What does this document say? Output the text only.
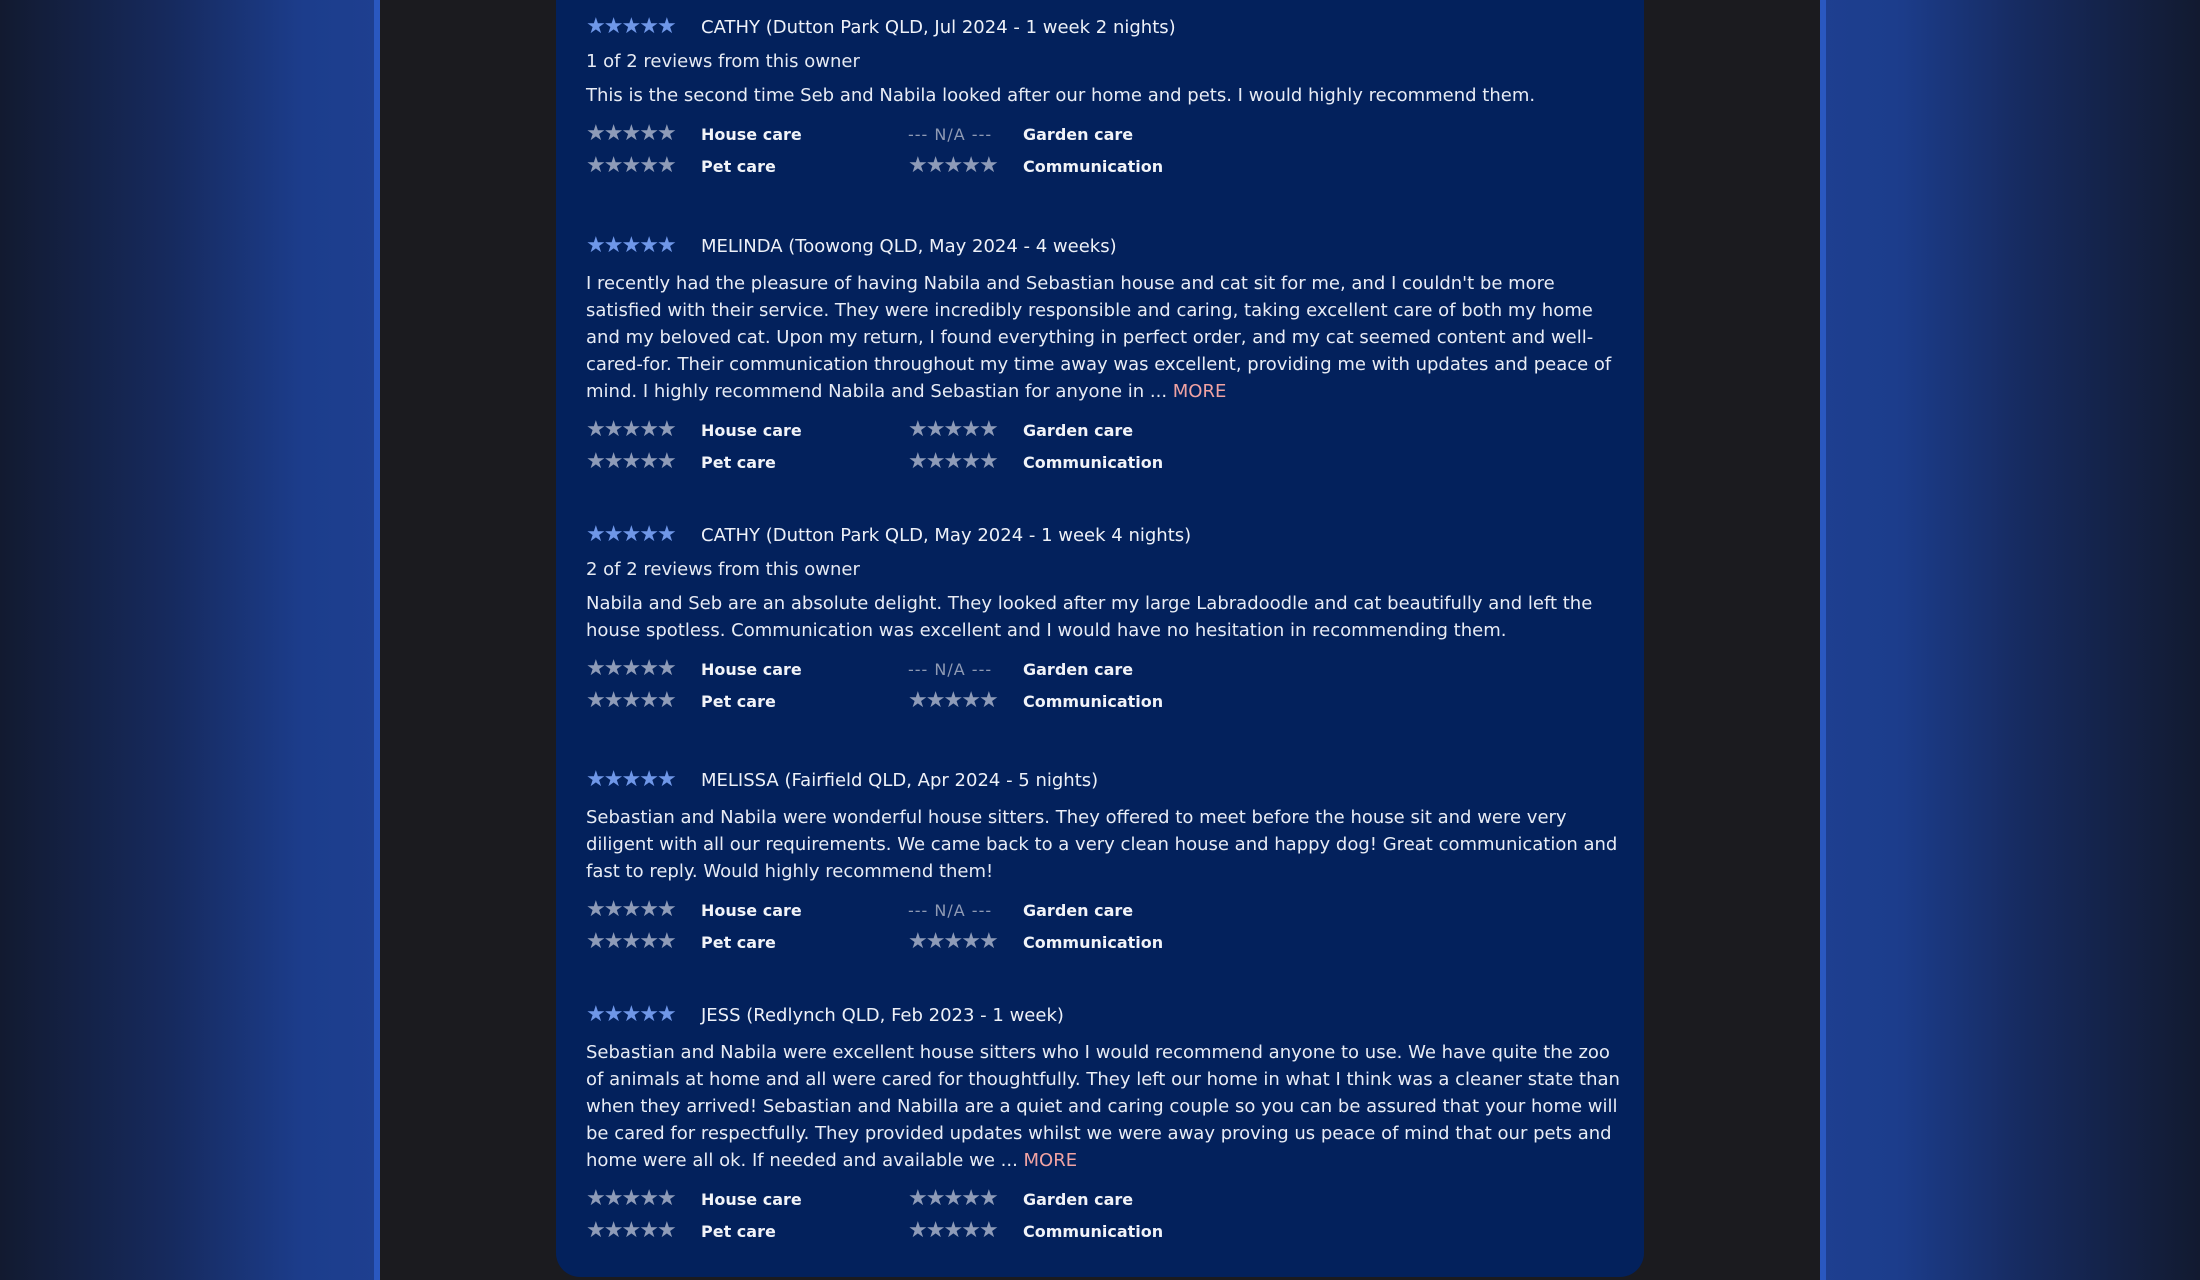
★ ★ ★ ★ ★ CATHY (Dutton Park QLD, Jul 2024 - 1 week 2 nights)
1 of 2 reviews from this owner
This is the second time Seb and Nabila looked after our home and pets. I would highly recommend them.
★ ★ ★ ★ ★ House care	--- N/A ---	Garden care
★ ★ ★ ★ ★ Pet care	★ ★ ★ ★ ★ Communication
★ ★ ★ ★ ★ MELINDA (Toowong QLD, May 2024 - 4 weeks)
I recently had the pleasure of having Nabila and Sebastian house and cat sit for me, and I couldn't be more satisfied with their service. They were incredibly responsible and caring, taking excellent care of both my home and my beloved cat. Upon my return, I found everything in perfect order, and my cat seemed content and well-cared-for. Their communication throughout my time away was excellent, providing me with updates and peace of mind. I highly recommend Nabila and Sebastian for anyone in ... MORE
★ ★ ★ ★ ★ House care	★ ★ ★ ★ ★ Garden care
★ ★ ★ ★ ★ Pet care	★ ★ ★ ★ ★ Communication
★ ★ ★ ★ ★ CATHY (Dutton Park QLD, May 2024 - 1 week 4 nights)
2 of 2 reviews from this owner
Nabila and Seb are an absolute delight. They looked after my large Labradoodle and cat beautifully and left the house spotless. Communication was excellent and I would have no hesitation in recommending them.
★ ★ ★ ★ ★ House care	--- N/A ---	Garden care
★ ★ ★ ★ ★ Pet care	★ ★ ★ ★ ★ Communication
★ ★ ★ ★ ★ MELISSA (Fairfield QLD, Apr 2024 - 5 nights)
Sebastian and Nabila were wonderful house sitters. They offered to meet before the house sit and were very diligent with all our requirements. We came back to a very clean house and happy dog! Great communication and fast to reply. Would highly recommend them!
★ ★ ★ ★ ★ House care	--- N/A ---	Garden care
★ ★ ★ ★ ★ Pet care	★ ★ ★ ★ ★ Communication
★ ★ ★ ★ ★ JESS (Redlynch QLD, Feb 2023 - 1 week)
Sebastian and Nabila were excellent house sitters who I would recommend anyone to use. We have quite the zoo of animals at home and all were cared for thoughtfully. They left our home in what I think was a cleaner state than when they arrived! Sebastian and Nabilla are a quiet and caring couple so you can be assured that your home will be cared for respectfully. They provided updates whilst we were away proving us peace of mind that our pets and home were all ok. If needed and available we ... MORE
★ ★ ★ ★ ★ House care	★ ★ ★ ★ ★ Garden care
★ ★ ★ ★ ★ Pet care	★ ★ ★ ★ ★ Communication
